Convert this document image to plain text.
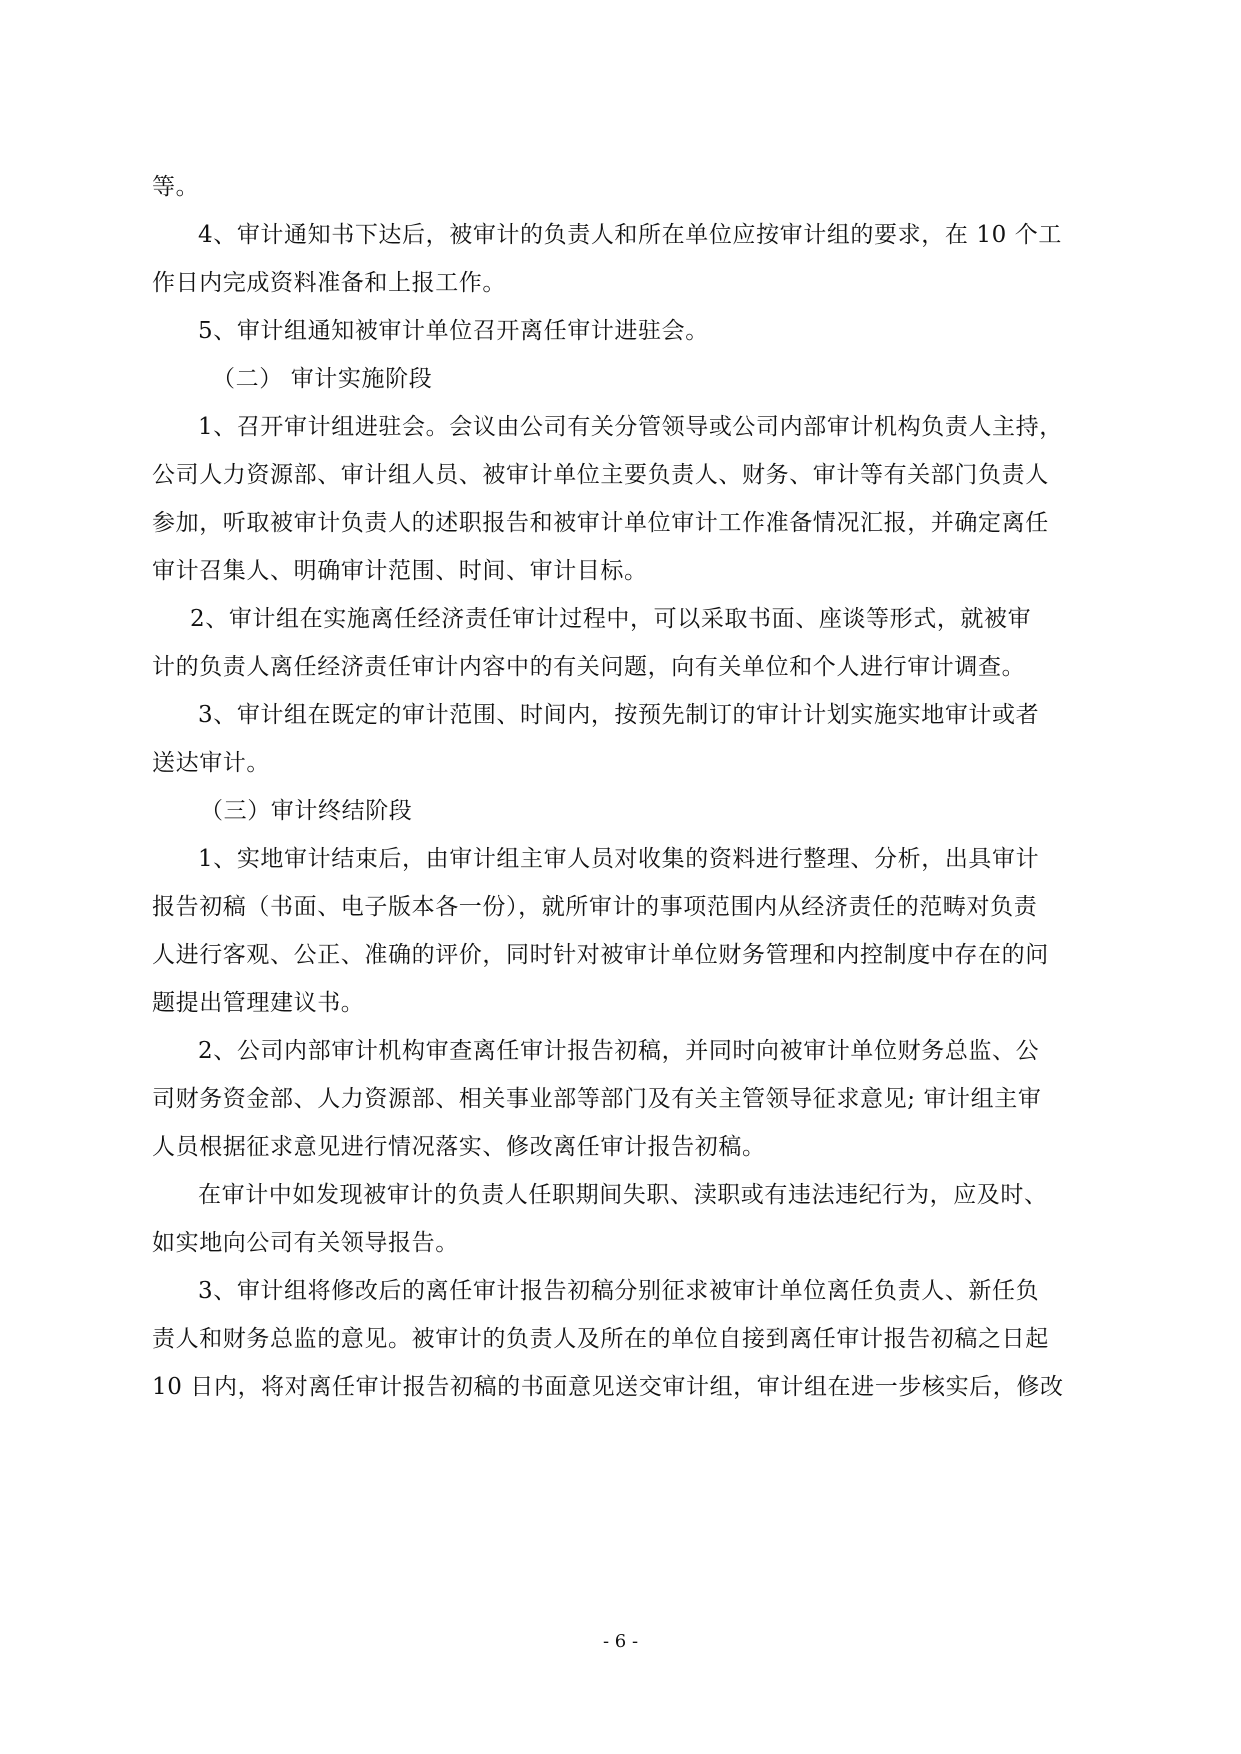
等。
4、审计通知书下达后，被审计的负责人和所在单位应按审计组的要求，在 10 个工
作日内完成资料准备和上报工作。
5、审计组通知被审计单位召开离任审计进驻会。
（二） 审计实施阶段
1、召开审计组进驻会。会议由公司有关分管领导或公司内部审计机构负责人主持，
公司人力资源部、审计组人员、被审计单位主要负责人、财务、审计等有关部门负责人
参加，听取被审计负责人的述职报告和被审计单位审计工作准备情况汇报，并确定离任
审计召集人、明确审计范围、时间、审计目标。
2、审计组在实施离任经济责任审计过程中，可以采取书面、座谈等形式，就被审
计的负责人离任经济责任审计内容中的有关问题，向有关单位和个人进行审计调查。
3、审计组在既定的审计范围、时间内，按预先制订的审计计划实施实地审计或者
送达审计。
（三）审计终结阶段
1、实地审计结束后，由审计组主审人员对收集的资料进行整理、分析，出具审计
报告初稿（书面、电子版本各一份），就所审计的事项范围内从经济责任的范畴对负责
人进行客观、公正、准确的评价，同时针对被审计单位财务管理和内控制度中存在的问
题提出管理建议书。
2、公司内部审计机构审查离任审计报告初稿，并同时向被审计单位财务总监、公
司财务资金部、人力资源部、相关事业部等部门及有关主管领导征求意见; 审计组主审
人员根据征求意见进行情况落实、修改离任审计报告初稿。
在审计中如发现被审计的负责人任职期间失职、渎职或有违法违纪行为，应及时、
如实地向公司有关领导报告。
3、审计组将修改后的离任审计报告初稿分别征求被审计单位离任负责人、新任负
责人和财务总监的意见。被审计的负责人及所在的单位自接到离任审计报告初稿之日起
10 日内，将对离任审计报告初稿的书面意见送交审计组，审计组在进一步核实后，修改
- 6 -
